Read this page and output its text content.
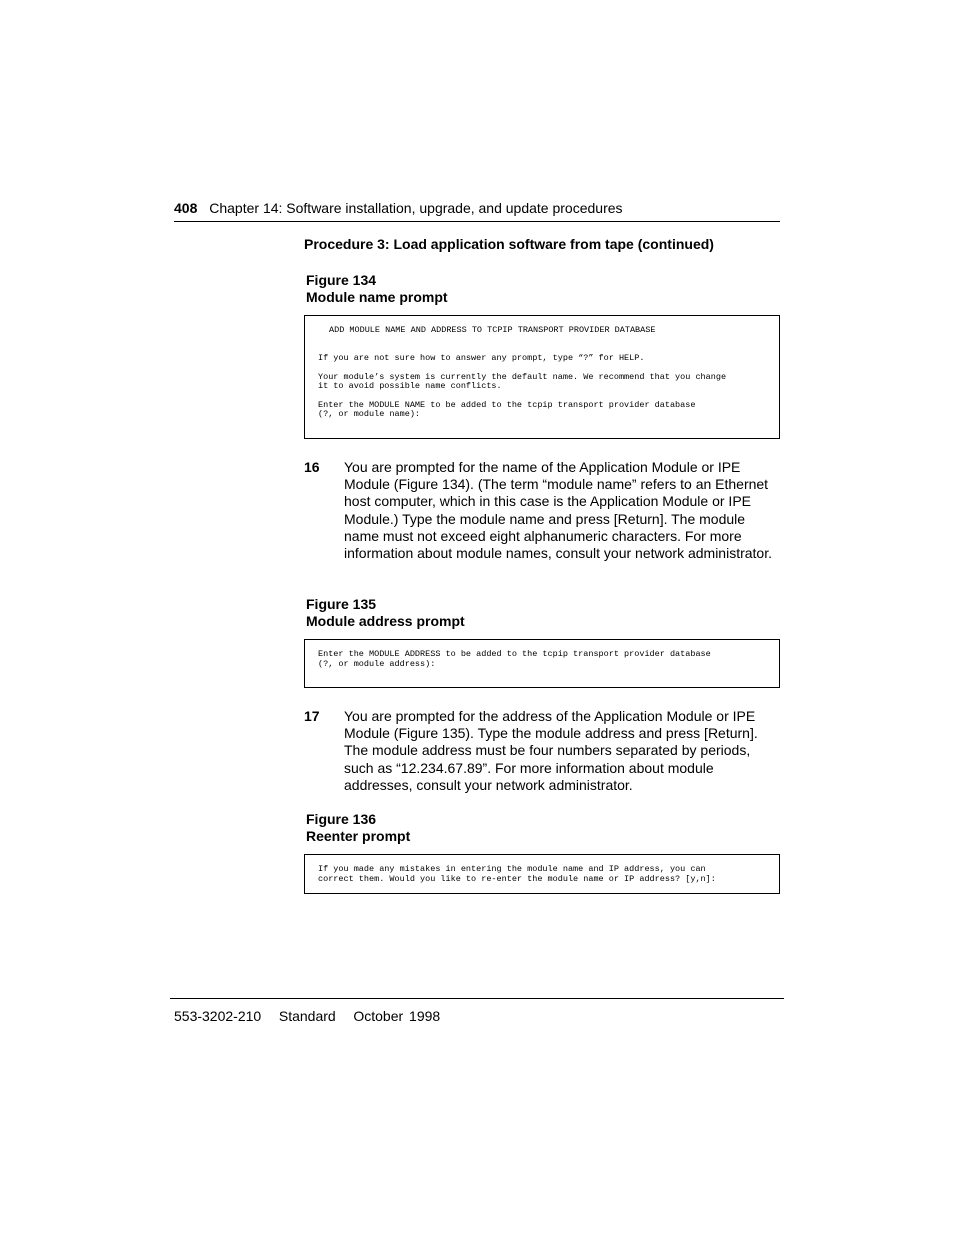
408 Chapter 14: Software installation, upgrade, and update procedures
Procedure 3: Load application software from tape (continued)
Figure 134
Module name prompt
ADD MODULE NAME AND ADDRESS TO TCPIP TRANSPORT PROVIDER DATABASE
If you are not sure how to answer any prompt, type “?” for HELP.
Your module’s system is currently the default name. We recommend that you change
it to avoid possible name conflicts.
Enter the MODULE NAME to be added to the tcpip transport provider database
(?, or module name):
16 You are prompted for the name of the Application Module or IPE Module (Figure 134). (The term “module name” refers to an Ethernet host computer, which in this case is the Application Module or IPE Module.) Type the module name and press [Return]. The module name must not exceed eight alphanumeric characters. For more information about module names, consult your network administrator.
Figure 135
Module address prompt
Enter the MODULE ADDRESS to be added to the tcpip transport provider database
(?, or module address):
17 You are prompted for the address of the Application Module or IPE Module (Figure 135). Type the module address and press [Return]. The module address must be four numbers separated by periods, such as “12.234.67.89”. For more information about module addresses, consult your network administrator.
Figure 136
Reenter prompt
If you made any mistakes in entering the module name and IP address, you can
correct them. Would you like to re-enter the module name or IP address? [y,n]:
553-3202-210 Standard October 1998
